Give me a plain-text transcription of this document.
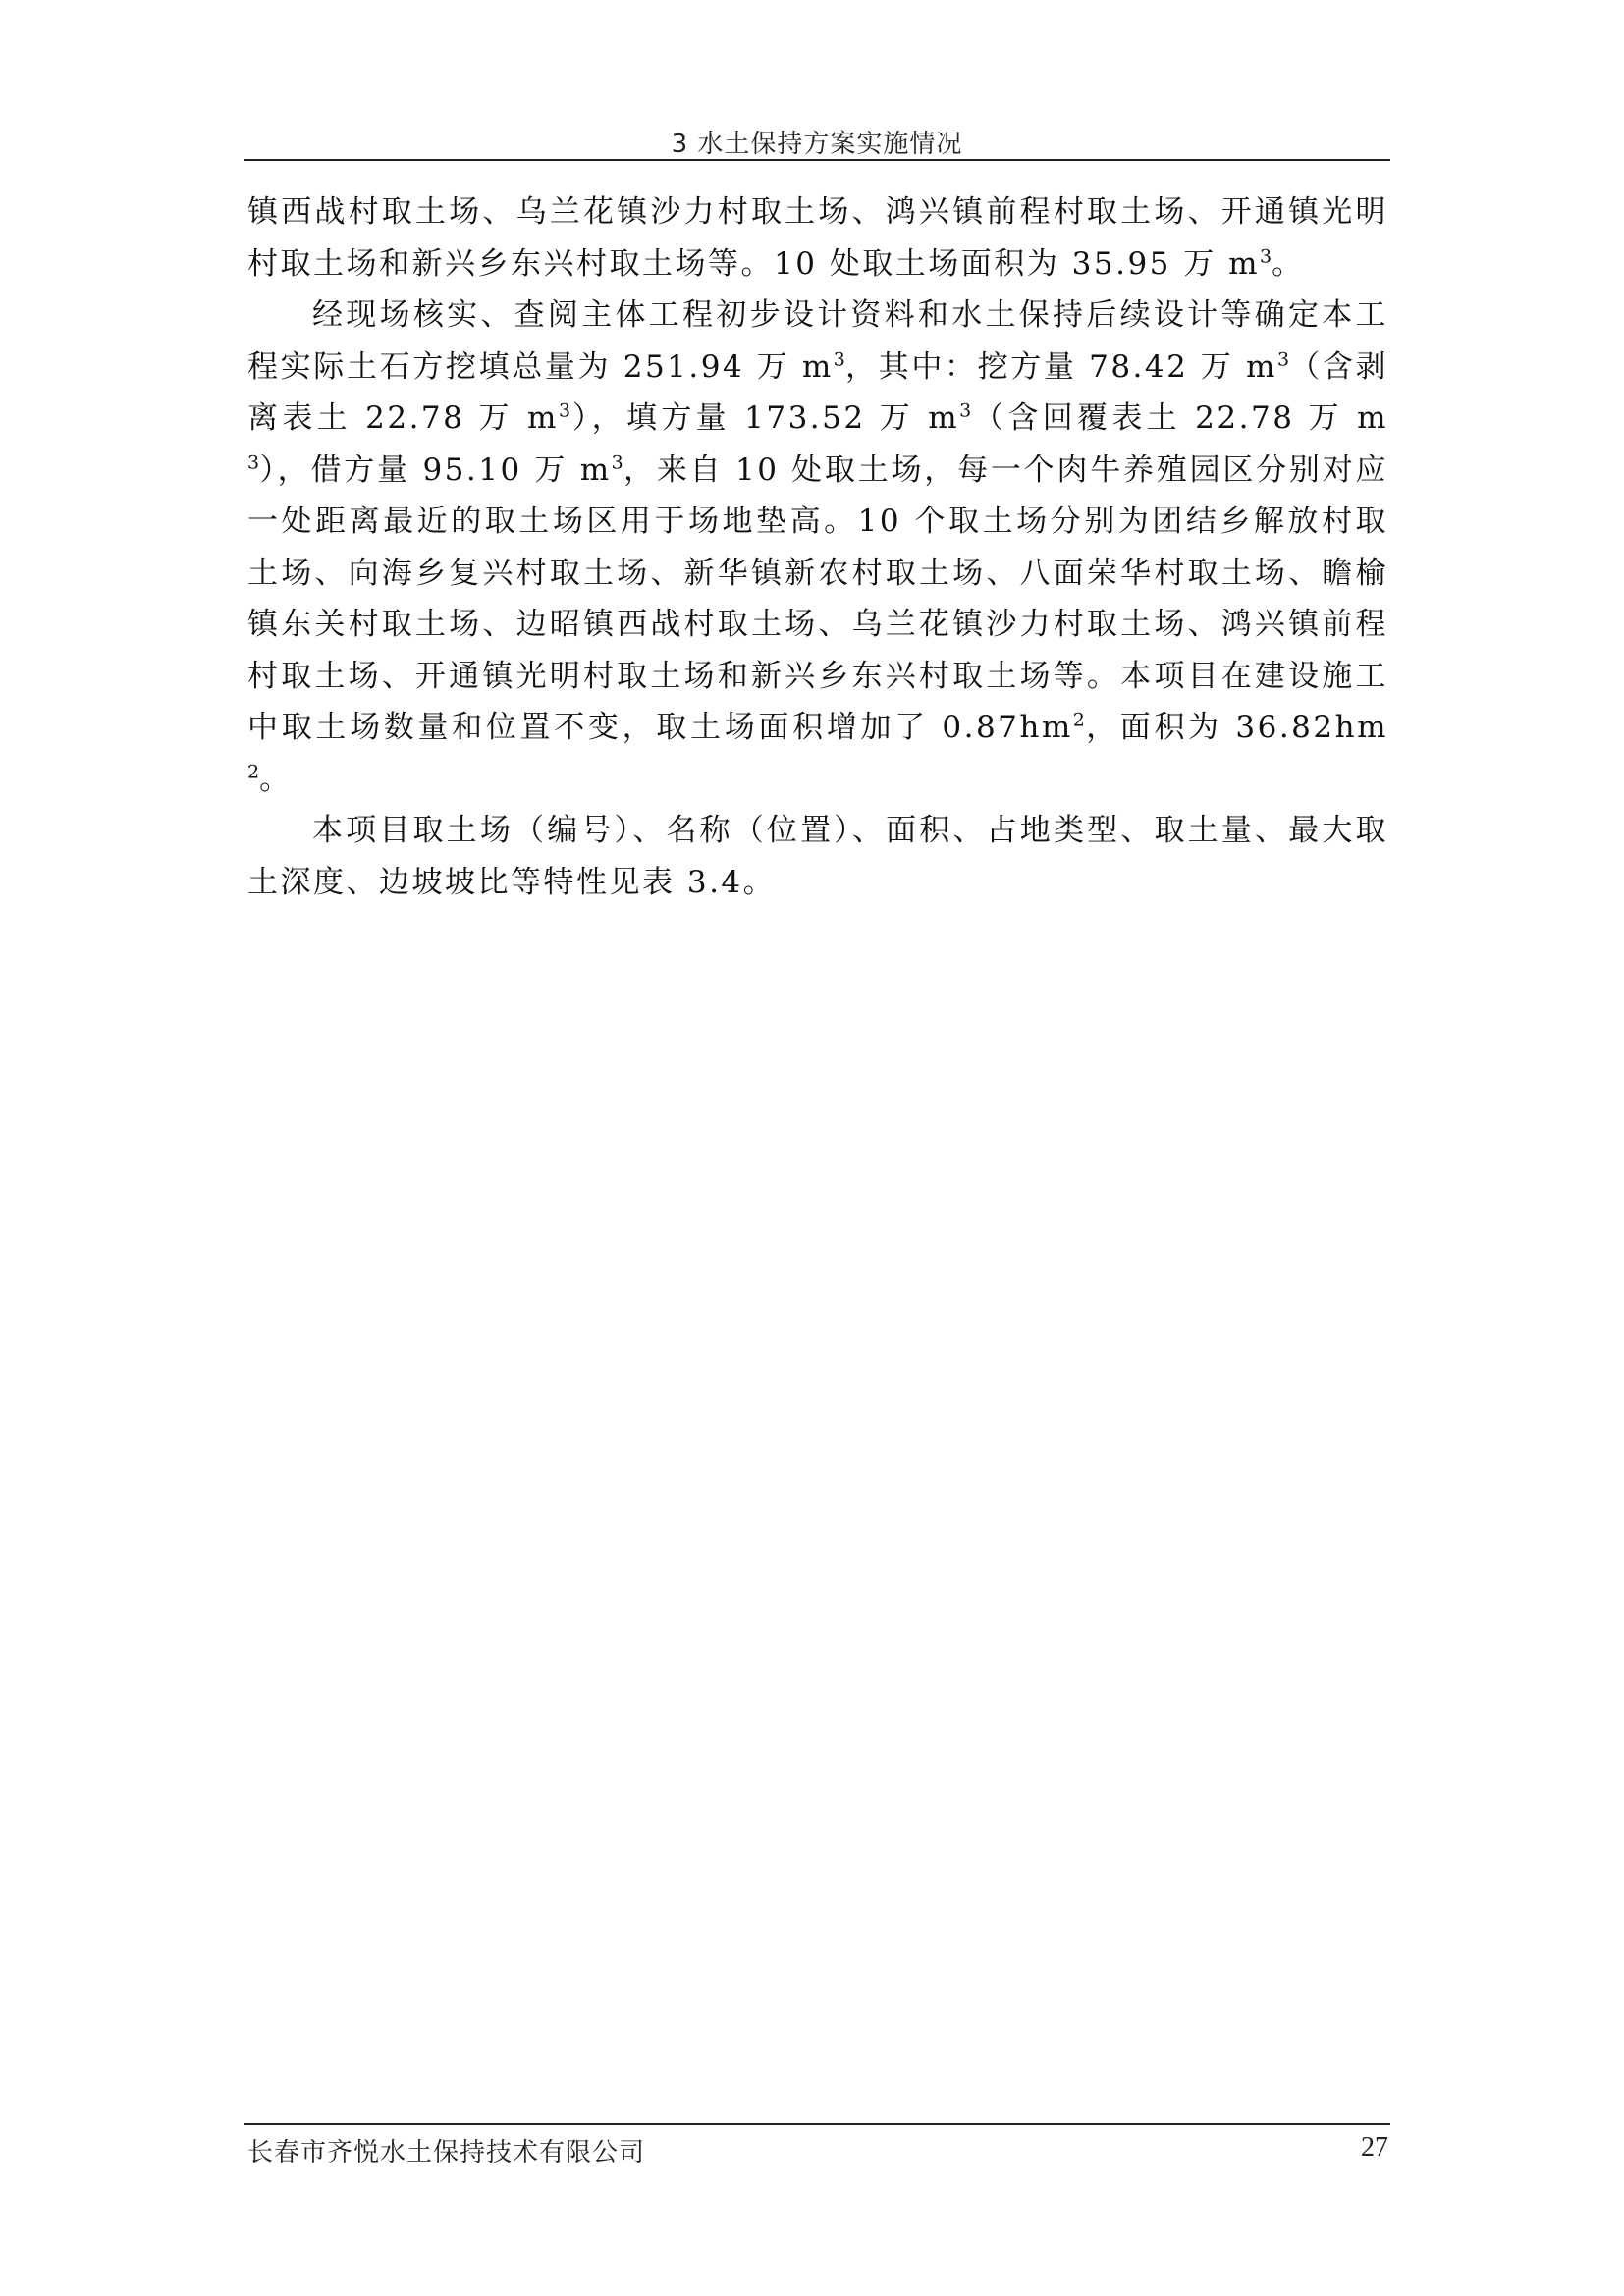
3 水土保持方案实施情况

镇西战村取土场、乌兰花镇沙力村取土场、鸿兴镇前程村取土场、开通镇光明村取土场和新兴乡东兴村取土场等。10 处取土场面积为 35.95 万 $m^3$。

经现场核实、查阅主体工程初步设计资料和水土保持后续设计等确定本工程实际土石方挖填总量为 251.94 万 $m^3$，其中：挖方量 78.42 万 $m^3$（含剥离表土 22.78 万 $m^3$），填方量 173.52 万 $m^3$（含回覆表土 22.78 万 $m^3$），借方量 95.10 万 $m^3$，来自 10 处取土场，每一个肉牛养殖园区分别对应一处距离最近的取土场区用于场地垫高。10 个取土场分别为团结乡解放村取土场、向海乡复兴村取土场、新华镇新农村取土场、八面荣华村取土场、瞻榆镇东关村取土场、边昭镇西战村取土场、乌兰花镇沙力村取土场、鸿兴镇前程村取土场、开通镇光明村取土场和新兴乡东兴村取土场等。本项目在建设施工中取土场数量和位置不变，取土场面积增加了 $0.87hm^2$，面积为 $36.82hm^2$。

本项目取土场（编号）、名称（位置）、面积、占地类型、取土量、最大取土深度、边坡坡比等特性见表 3.4。

长春市齐悦水土保持技术有限公司	27
